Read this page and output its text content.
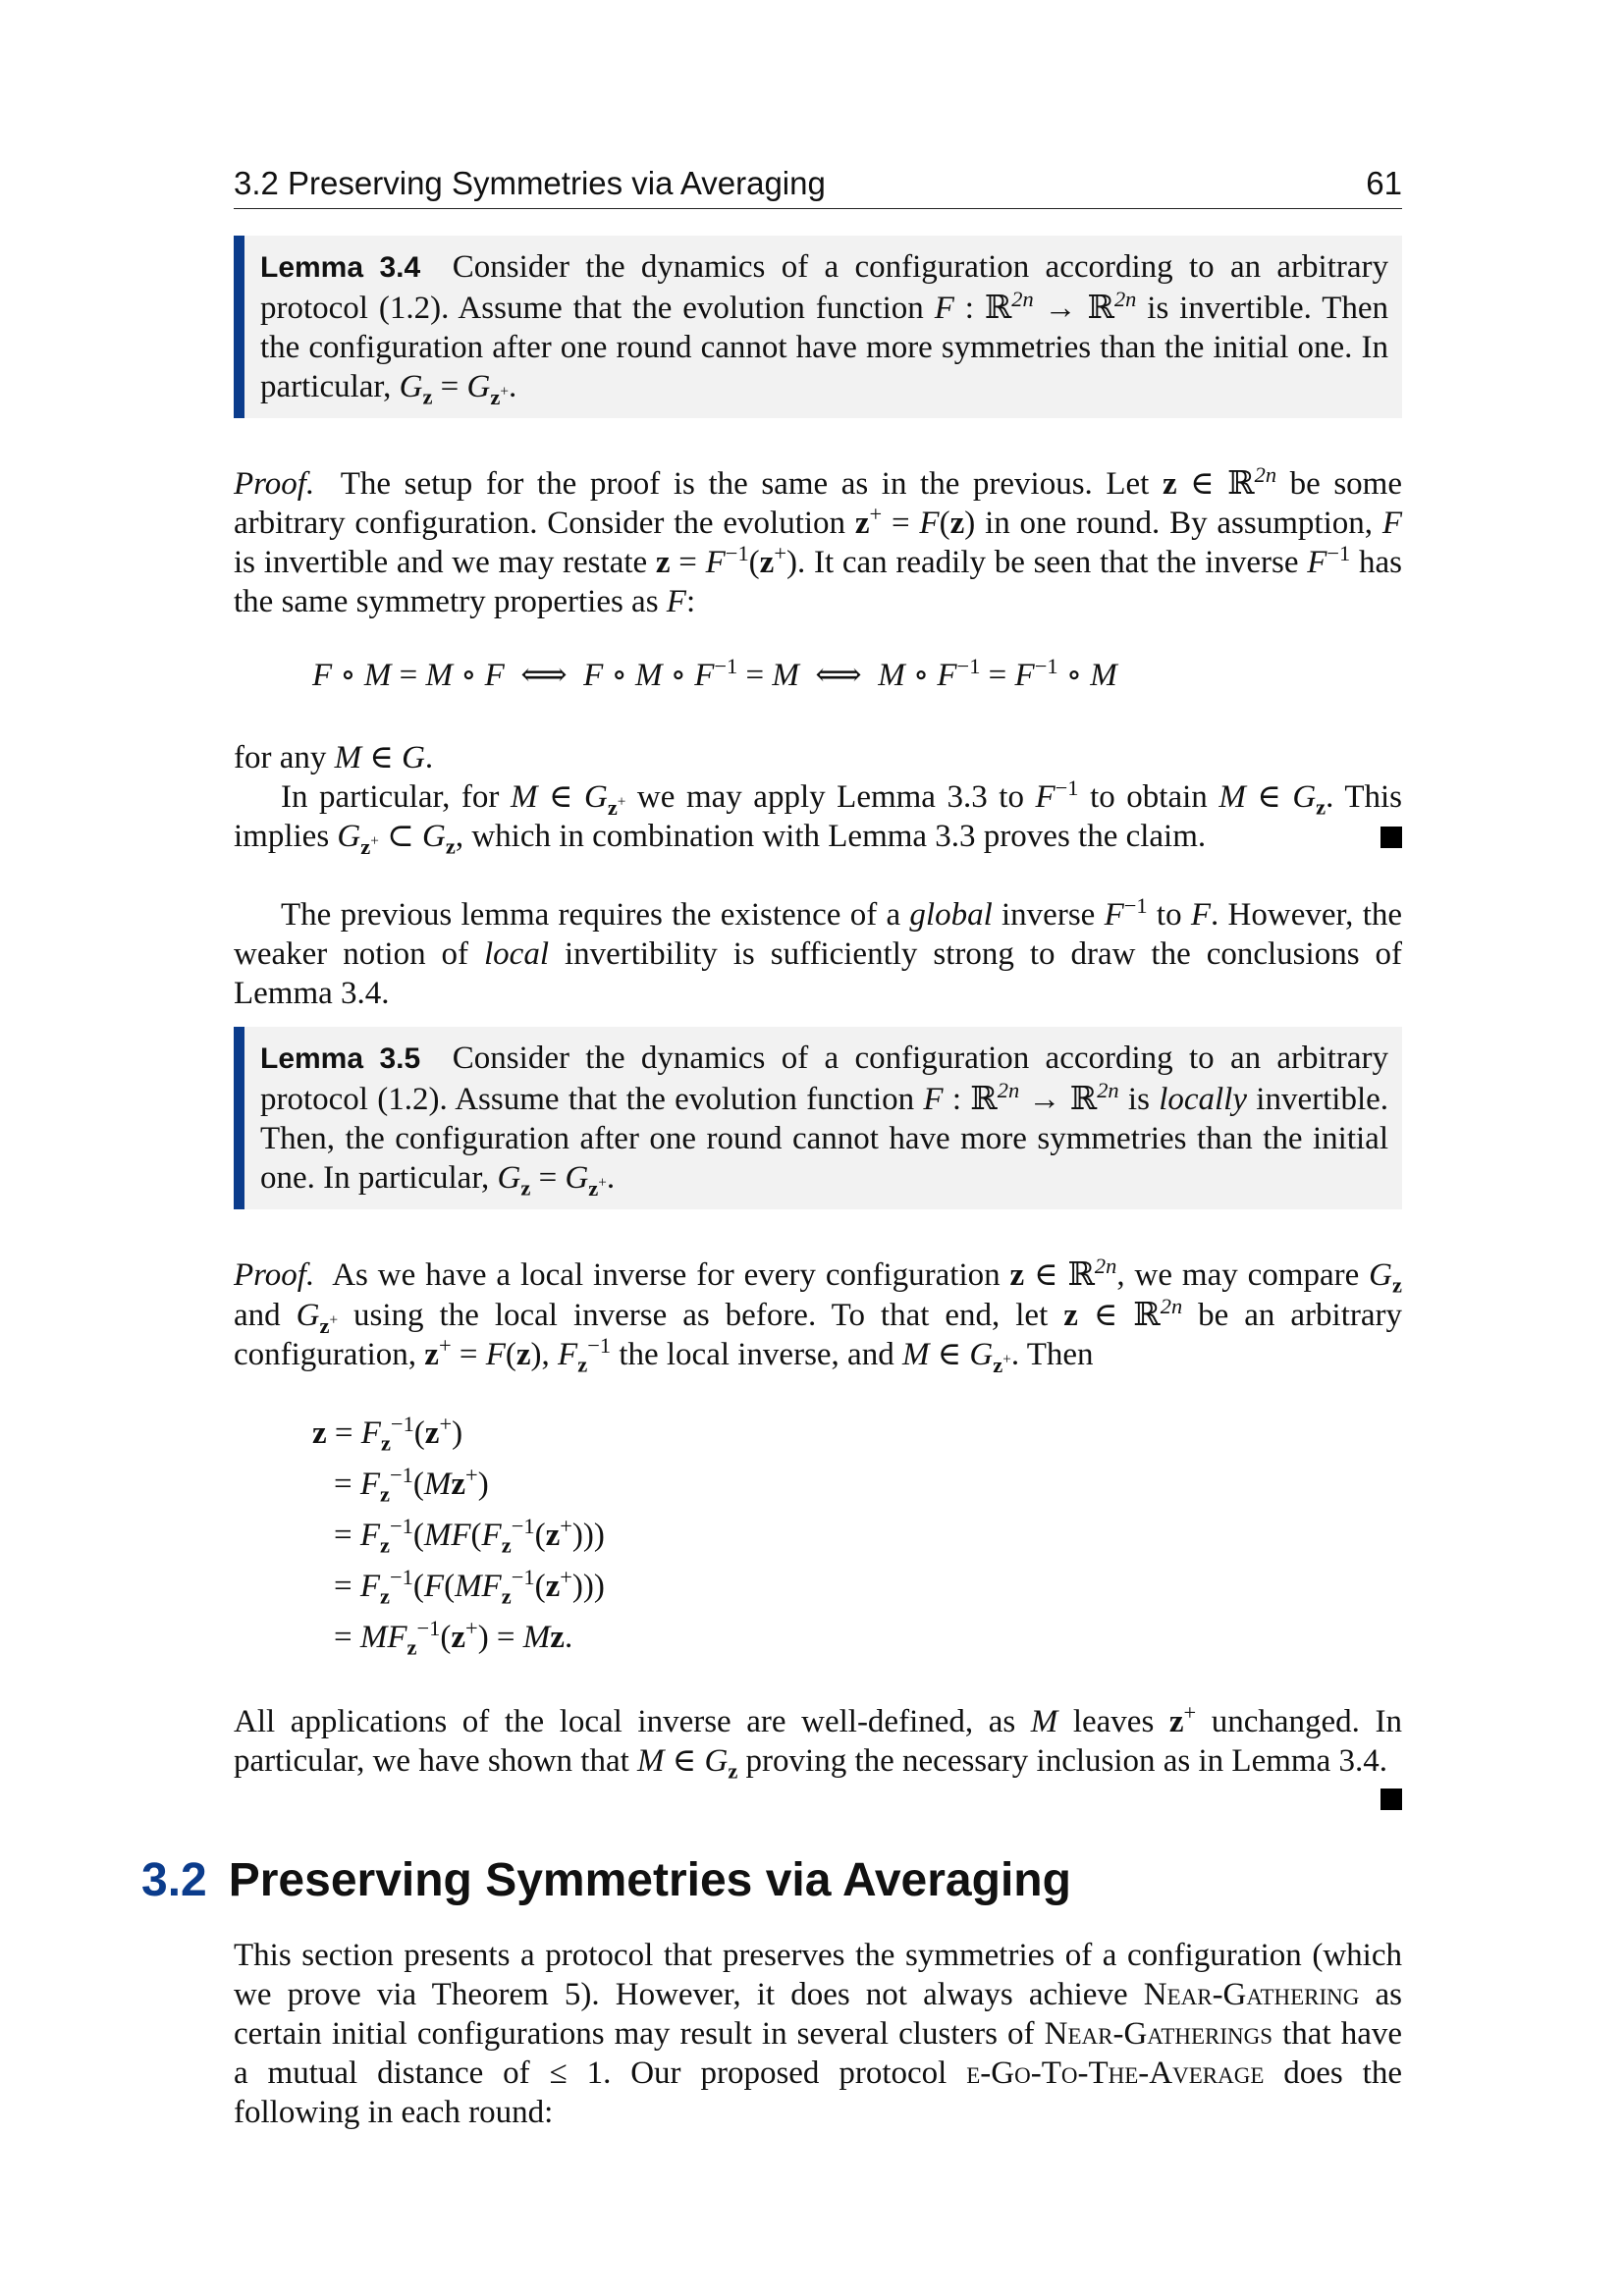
3.2 Preserving Symmetries via Averaging	61
Lemma 3.4 Consider the dynamics of a configuration according to an arbitrary protocol (1.2). Assume that the evolution function F : ℝ$^{2n}$ → ℝ$^{2n}$ is invertible. Then the configuration after one round cannot have more symmetries than the initial one. In particular, $G_z = G_{z^+}$.
Proof. The setup for the proof is the same as in the previous. Let z ∈ ℝ$^{2n}$ be some arbitrary configuration. Consider the evolution z+ = F(z) in one round. By assumption, F is invertible and we may restate $z = F^{-1}(z^+)$. It can readily be seen that the inverse $F^{-1}$ has the same symmetry properties as F:
F ∘ M = M ∘ F  ⟺  F ∘ M ∘ $F^{-1} = M$  ⟺  M ∘ $F^{-1} = F^{-1}$ ∘ M
for any M ∈ G.
In particular, for M ∈ $G_{z^+}$ we may apply Lemma 3.3 to $F^{-1}$ to obtain M ∈ $G_z$. This implies $G_{z^+}$ ⊂ $G_z$, which in combination with Lemma 3.3 proves the claim.
The previous lemma requires the existence of a global inverse $F^{-1}$ to F. However, the weaker notion of local invertibility is sufficiently strong to draw the conclusions of Lemma 3.4.
Lemma 3.5 Consider the dynamics of a configuration according to an arbitrary protocol (1.2). Assume that the evolution function F : ℝ$^{2n}$ → ℝ$^{2n}$ is locally invertible. Then, the configuration after one round cannot have more symmetries than the initial one. In particular, $G_z = G_{z^+}$.
Proof. As we have a local inverse for every configuration z ∈ ℝ$^{2n}$, we may compare $G_z$ and $G_{z^+}$ using the local inverse as before. To that end, let z ∈ ℝ$^{2n}$ be an arbitrary configuration, z+ = F(z), $F_z^{-1}$ the local inverse, and M ∈ $G_{z^+}$. Then
$z = F_z^{-1}(z^+)$
= $F_z^{-1}(Mz^+)$
= $F_z^{-1}(MF(F_z^{-1}(z^+)))$
= $F_z^{-1}(F(MF_z^{-1}(z^+)))$
= $MF_z^{-1}(z^+) = Mz$.
All applications of the local inverse are well-defined, as M leaves z+ unchanged. In particular, we have shown that M ∈ $G_z$ proving the necessary inclusion as in Lemma 3.4.
3.2 Preserving Symmetries via Averaging
This section presents a protocol that preserves the symmetries of a configuration (which we prove via Theorem 5). However, it does not always achieve Near-Gathering as certain initial configurations may result in several clusters of Near-Gatherings that have a mutual distance of ≤ 1. Our proposed protocol ε-Go-To-The-Average does the following in each round:
